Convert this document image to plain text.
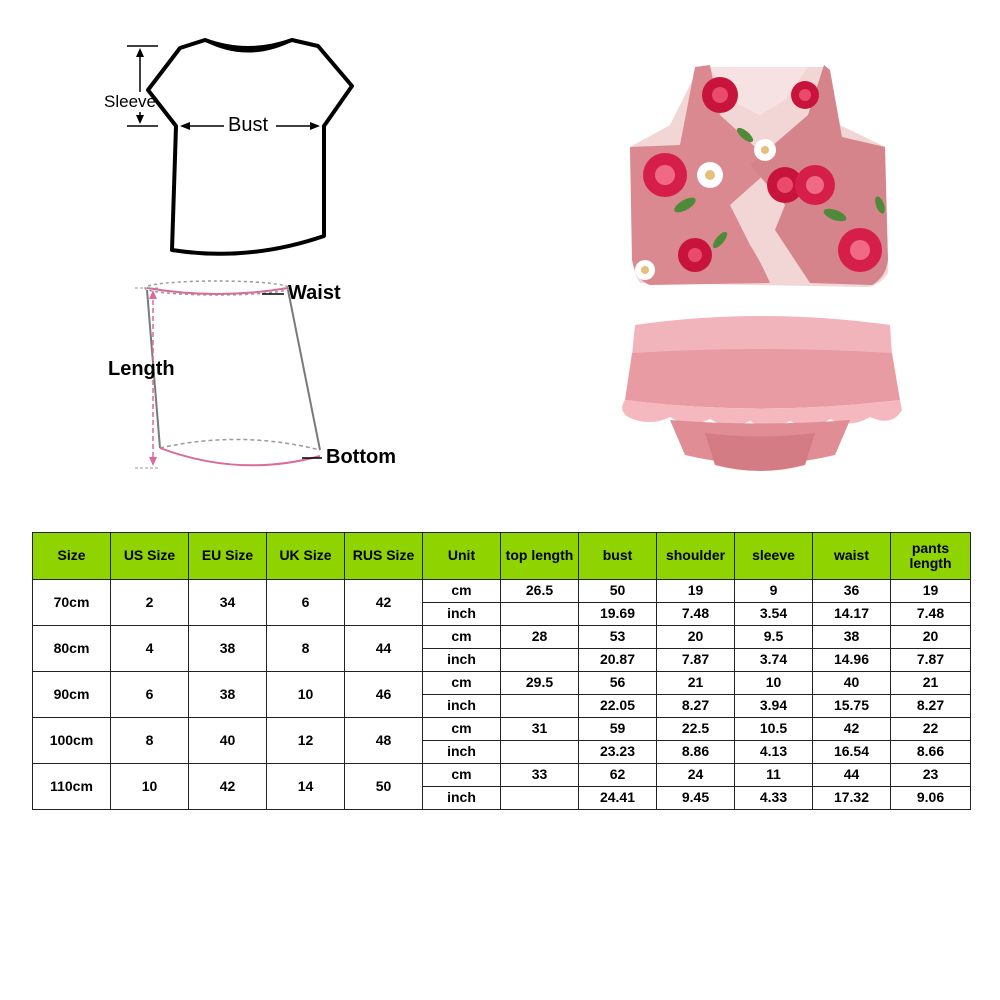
Sleeve
Bust
Waist
Length
Bottom
Size	US Size	EU Size	UK Size	RUS Size	Unit	top length	bust	shoulder	sleeve	waist	pants length
70cm	2	34	6	42	cm	26.5	50	19	9	36	19
					inch		19.69	7.48	3.54	14.17	7.48
80cm	4	38	8	44	cm	28	53	20	9.5	38	20
					inch		20.87	7.87	3.74	14.96	7.87
90cm	6	38	10	46	cm	29.5	56	21	10	40	21
					inch		22.05	8.27	3.94	15.75	8.27
100cm	8	40	12	48	cm	31	59	22.5	10.5	42	22
					inch		23.23	8.86	4.13	16.54	8.66
110cm	10	42	14	50	cm	33	62	24	11	44	23
					inch		24.41	9.45	4.33	17.32	9.06
